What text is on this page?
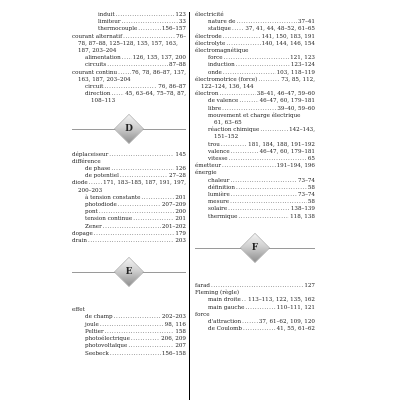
induit .....	123
limiteur .....	33
thermocouple .....	156–157
courant alternatif .....	76–
78, 87–88, 125–128, 135, 157, 163, 187, 203–204
alimentation ..... 126, 135, 137, 200
circuits .....	87–88
courant continu .....	76, 78, 86–87, 137,
163, 187, 203–204
circuit .....	76, 86–87
direction .....	45, 63–64, 75–78, 87,
108–113
D
déplaceiseur .....	145
différence
de phase .....	126
de potentiel .....	27–28
diode .....	171, 183–185, 187, 191, 197,
200–203
à tension constante .....	201
photodiode .....	207–209
pont .....	200
tension continue .....	201
Zener .....	201–202
dopage .....	179
drain .....	203
E
effet
de champ .....	202–203
joule .....	98, 116
Peltier .....	158
photoélectrique .....	206, 209
photovoltaïque .....	207
Seebeck .....	156–158
électricité
nature de .....	37–41
statique .....	37, 41, 44, 48–52, 61–65
électrode .....	141, 150, 183, 191
électrolyte .....	140, 144, 146, 154
électromagnétique
force .....	121, 123
induction .....	123–124
onde .....	103, 118–119
électromotrice (force) .....	73, 85, 112,
122–124, 136, 144
électron .....	38–41, 46–47, 59–60
de valence .....	46–47, 60, 179–181
libre .....	39–40, 59–60
mouvement et charge électrique
61, 63–65
réaction chimique .....	142–143,
151–152
trou .....	181, 184, 188, 191–192
valence .....	46–47, 60, 179–181
vitesse .....	65
émetteur .....	191–194, 196
énergie
chaleur .....	73–74
définition .....	58
lumière .....	73–74
mesure .....	58
solaire .....	138–139
thermique .....	118, 138
F
farad .....	127
Fleming (règle)
main droite ..... 113–113, 122, 135, 162
main gauche .....	110–111, 121
force
d'attraction .....	37, 61–62, 109, 120
de Coulomb .....	41, 55, 61–62
